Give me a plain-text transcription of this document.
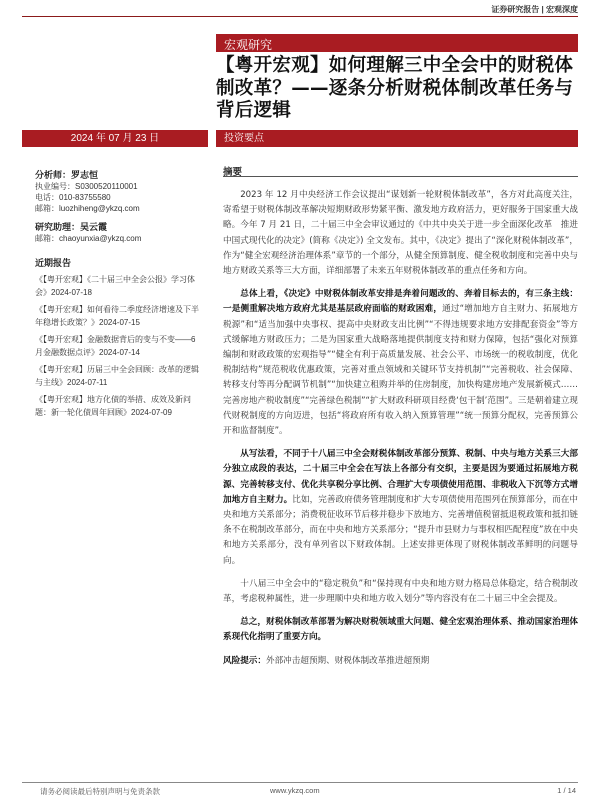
证券研究报告 | 宏观深度
宏观研究
【粤开宏观】如何理解三中全会中的财税体制改革？——逐条分析财税体制改革任务与背后逻辑
2024 年 07 月 23 日	投资要点
分析师：罗志恒
执业编号：S0300520110001
电话：010-83755580
邮箱：luozhiheng@ykzq.com
研究助理：吴云霞
邮箱：chaoyunxia@ykzq.com
近期报告
《【粤开宏观】《二十届三中全会公报》学习体会》2024-07-18
《【粤开宏观】如何看待二季度经济增速及下半年稳增长政策？》2024-07-15
《【粤开宏观】金融数据背后的变与不变——6 月金融数据点评》2024-07-14
《【粤开宏观】历届三中全会回顾：改革的逻辑与主线》2024-07-11
《【粤开宏观】地方化债的举措、成效及新问题：新一轮化债周年回顾》2024-07-09
摘要

2023 年 12 月中央经济工作会议提出“谋划新一轮财税体制改革”，各方对此高度关注，寄希望于财税体制改革解决短期财政形势紧平衡、激发地方政府活力，更好服务于国家重大战略。今年 7 月 21 日，二十届三中全会审议通过的《中共中央关于进一步全面深化改革　推进中国式现代化的决定》(简称《决定》) 全文发布。其中，《决定》提出了“深化财税体制改革”，作为“健全宏观经济治理体系”章节的一个部分，从健全预算制度、健全税收制度和完善中央与地方财政关系等三大方面，详细部署了未来五年财税体制改革的重点任务和方向。

总体上看，《决定》中财税体制改革安排是奔着问题改的、奔着目标去的，有三条主线：一是侧重解决地方政府尤其是基层政府面临的财政困难，通过“增加地方自主财力、拓展地方税源”和“适当加强中央事权、提高中央财政支出比例”“不得违规要求地方安排配套资金”等方式缓解地方财政压力；二是为国家重大战略落地提供制度支持和财力保障，包括“强化对预算编制和财政政策的宏观指导”“健全有利于高质量发展、社会公平、市场统一的税收制度，优化税制结构”规范税收优惠政策，完善对重点领域和关键环节支持机制”“完善税收、社会保障、转移支付等再分配调节机制”“加快建立租购并举的住房制度，加快构建房地产发展新模式……完善房地产税收制度”“完善绿色税制”“扩大财政科研项目经费‘包干制’范围”。三是朝着建立现代财税制度的方向迈进，包括“将政府所有收入纳入预算管理”“统一预算分配权，完善预算公开和监督制度”。

从写法看，不同于十八届三中全会财税体制改革部分预算、税制、中央与地方关系三大部分独立成段的表达，二十届三中全会在写法上各部分有交织，主要是因为要通过拓展地方税源、完善转移支付、优化共享税分享比例、合理扩大专项债使用范围、非税收入下沉等方式增加地方自主财力。比如，完善政府债务管理制度和扩大专项债使用范围列在预算部分，而在中央和地方关系部分；消费税征收环节后移并稳步下放地方、完善增值税留抵退税政策和抵扣链条不在税制改革部分，而在中央和地方关系部分；“提升市县财力与事权相匹配程度”放在中央和地方关系部分，没有单列省以下财政体制。上述安排更体现了财税体制改革鲜明的问题导向。

十八届三中全会中的“稳定税负”和“保持现有中央和地方财力格局总体稳定，结合税制改革，考虑税种属性，进一步理顺中央和地方收入划分”等内容没有在二十届三中全会提及。

总之，财税体制改革部署为解决财税领域重大问题、健全宏观治理体系、推动国家治理体系现代化指明了重要方向。

风险提示：外部冲击超预期、财税体制改革推进超预期

请务必阅读最后特别声明与免责条款	www.ykzq.com	1 / 14
